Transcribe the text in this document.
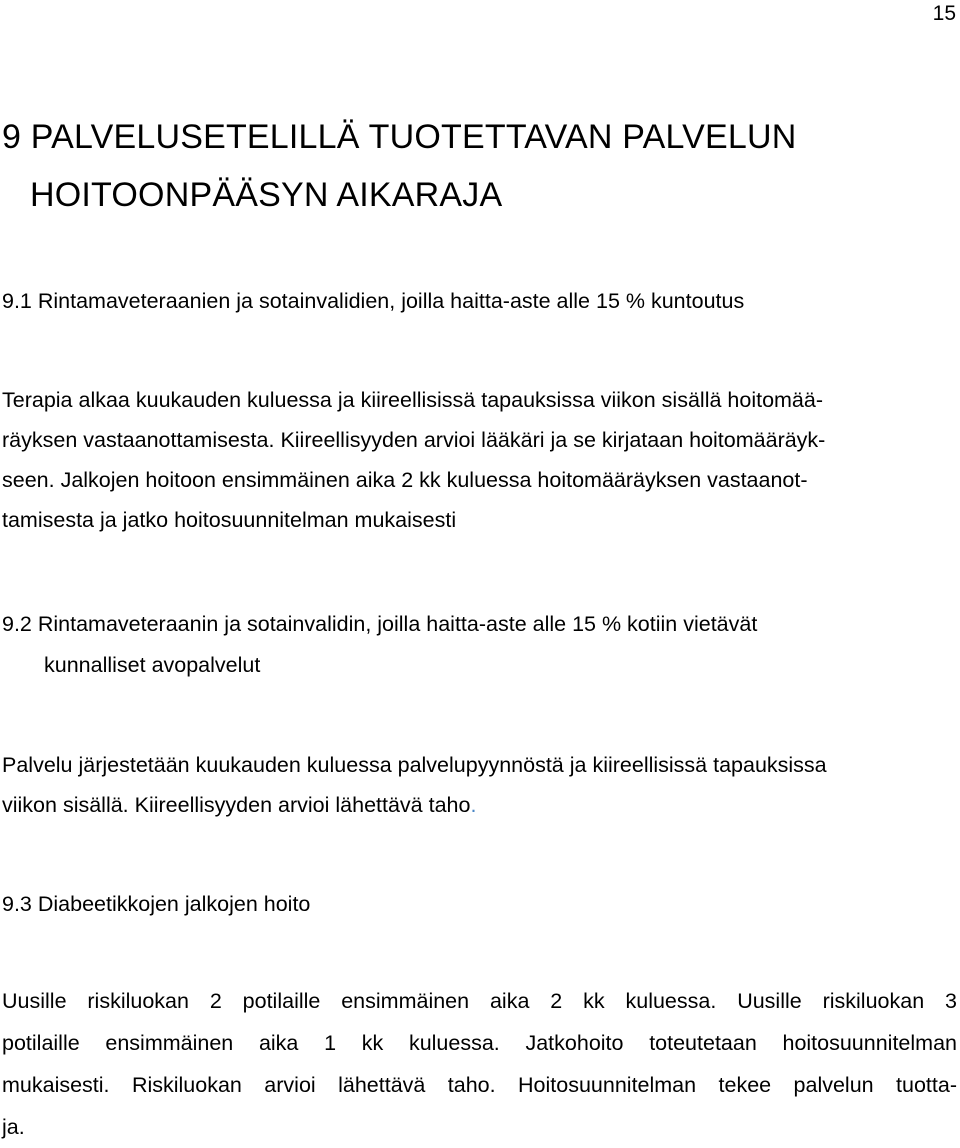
15
9 PALVELUSETELILLÄ TUOTETTAVAN PALVELUN
HOITOONPÄÄSYN AIKARAJA
9.1 Rintamaveteraanien ja sotainvalidien, joilla haitta-aste alle 15 % kuntoutus

Terapia alkaa kuukauden kuluessa ja kiireellisissä tapauksissa viikon sisällä hoitomää-
räyksen vastaanottamisesta. Kiireellisyyden arvioi lääkäri ja se kirjataan hoitomääräyk-
seen. Jalkojen hoitoon ensimmäinen aika 2 kk kuluessa hoitomääräyksen vastaanot-
tamisesta ja jatko hoitosuunnitelman mukaisesti

9.2 Rintamaveteraanin ja sotainvalidin, joilla haitta-aste alle 15 % kotiin vietävät
kunnalliset avopalvelut

Palvelu järjestetään kuukauden kuluessa palvelupyynnöstä ja kiireellisissä tapauksissa
viikon sisällä. Kiireellisyyden arvioi lähettävä taho.

9.3 Diabeetikkojen jalkojen hoito

Uusille riskiluokan 2 potilaille ensimmäinen aika 2 kk kuluessa. Uusille riskiluokan 3
potilaille ensimmäinen aika 1 kk kuluessa. Jatkohoito toteutetaan hoitosuunnitelman
mukaisesti. Riskiluokan arvioi lähettävä taho. Hoitosuunnitelman tekee palvelun tuotta-
ja.
